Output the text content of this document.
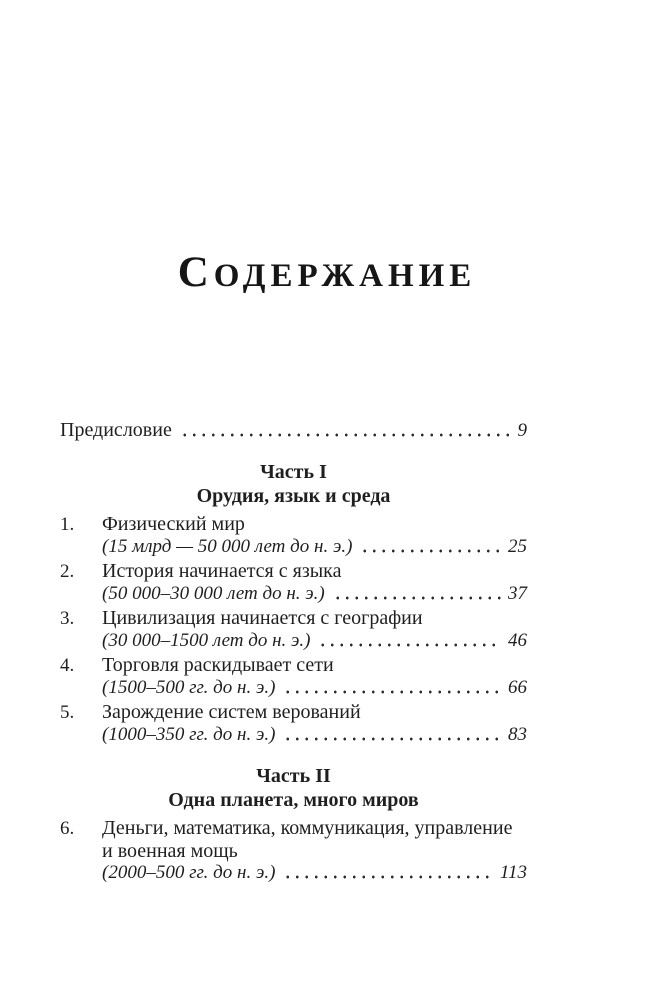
СОДЕРЖАНИЕ
Предисловие	9
Часть I
Орудия, язык и среда
1.	Физический мир
(15 млрд — 50 000 лет до н. э.)	25
2.	История начинается с языка
(50 000–30 000 лет до н. э.)	37
3.	Цивилизация начинается с географии
(30 000–1500 лет до н. э.)	46
4.	Торговля раскидывает сети
(1500–500 гг. до н. э.)	66
5.	Зарождение систем верований
(1000–350 гг. до н. э.)	83
Часть II
Одна планета, много миров
6.	Деньги, математика, коммуникация, управление
и военная мощь
(2000–500 гг. до н. э.)	113
